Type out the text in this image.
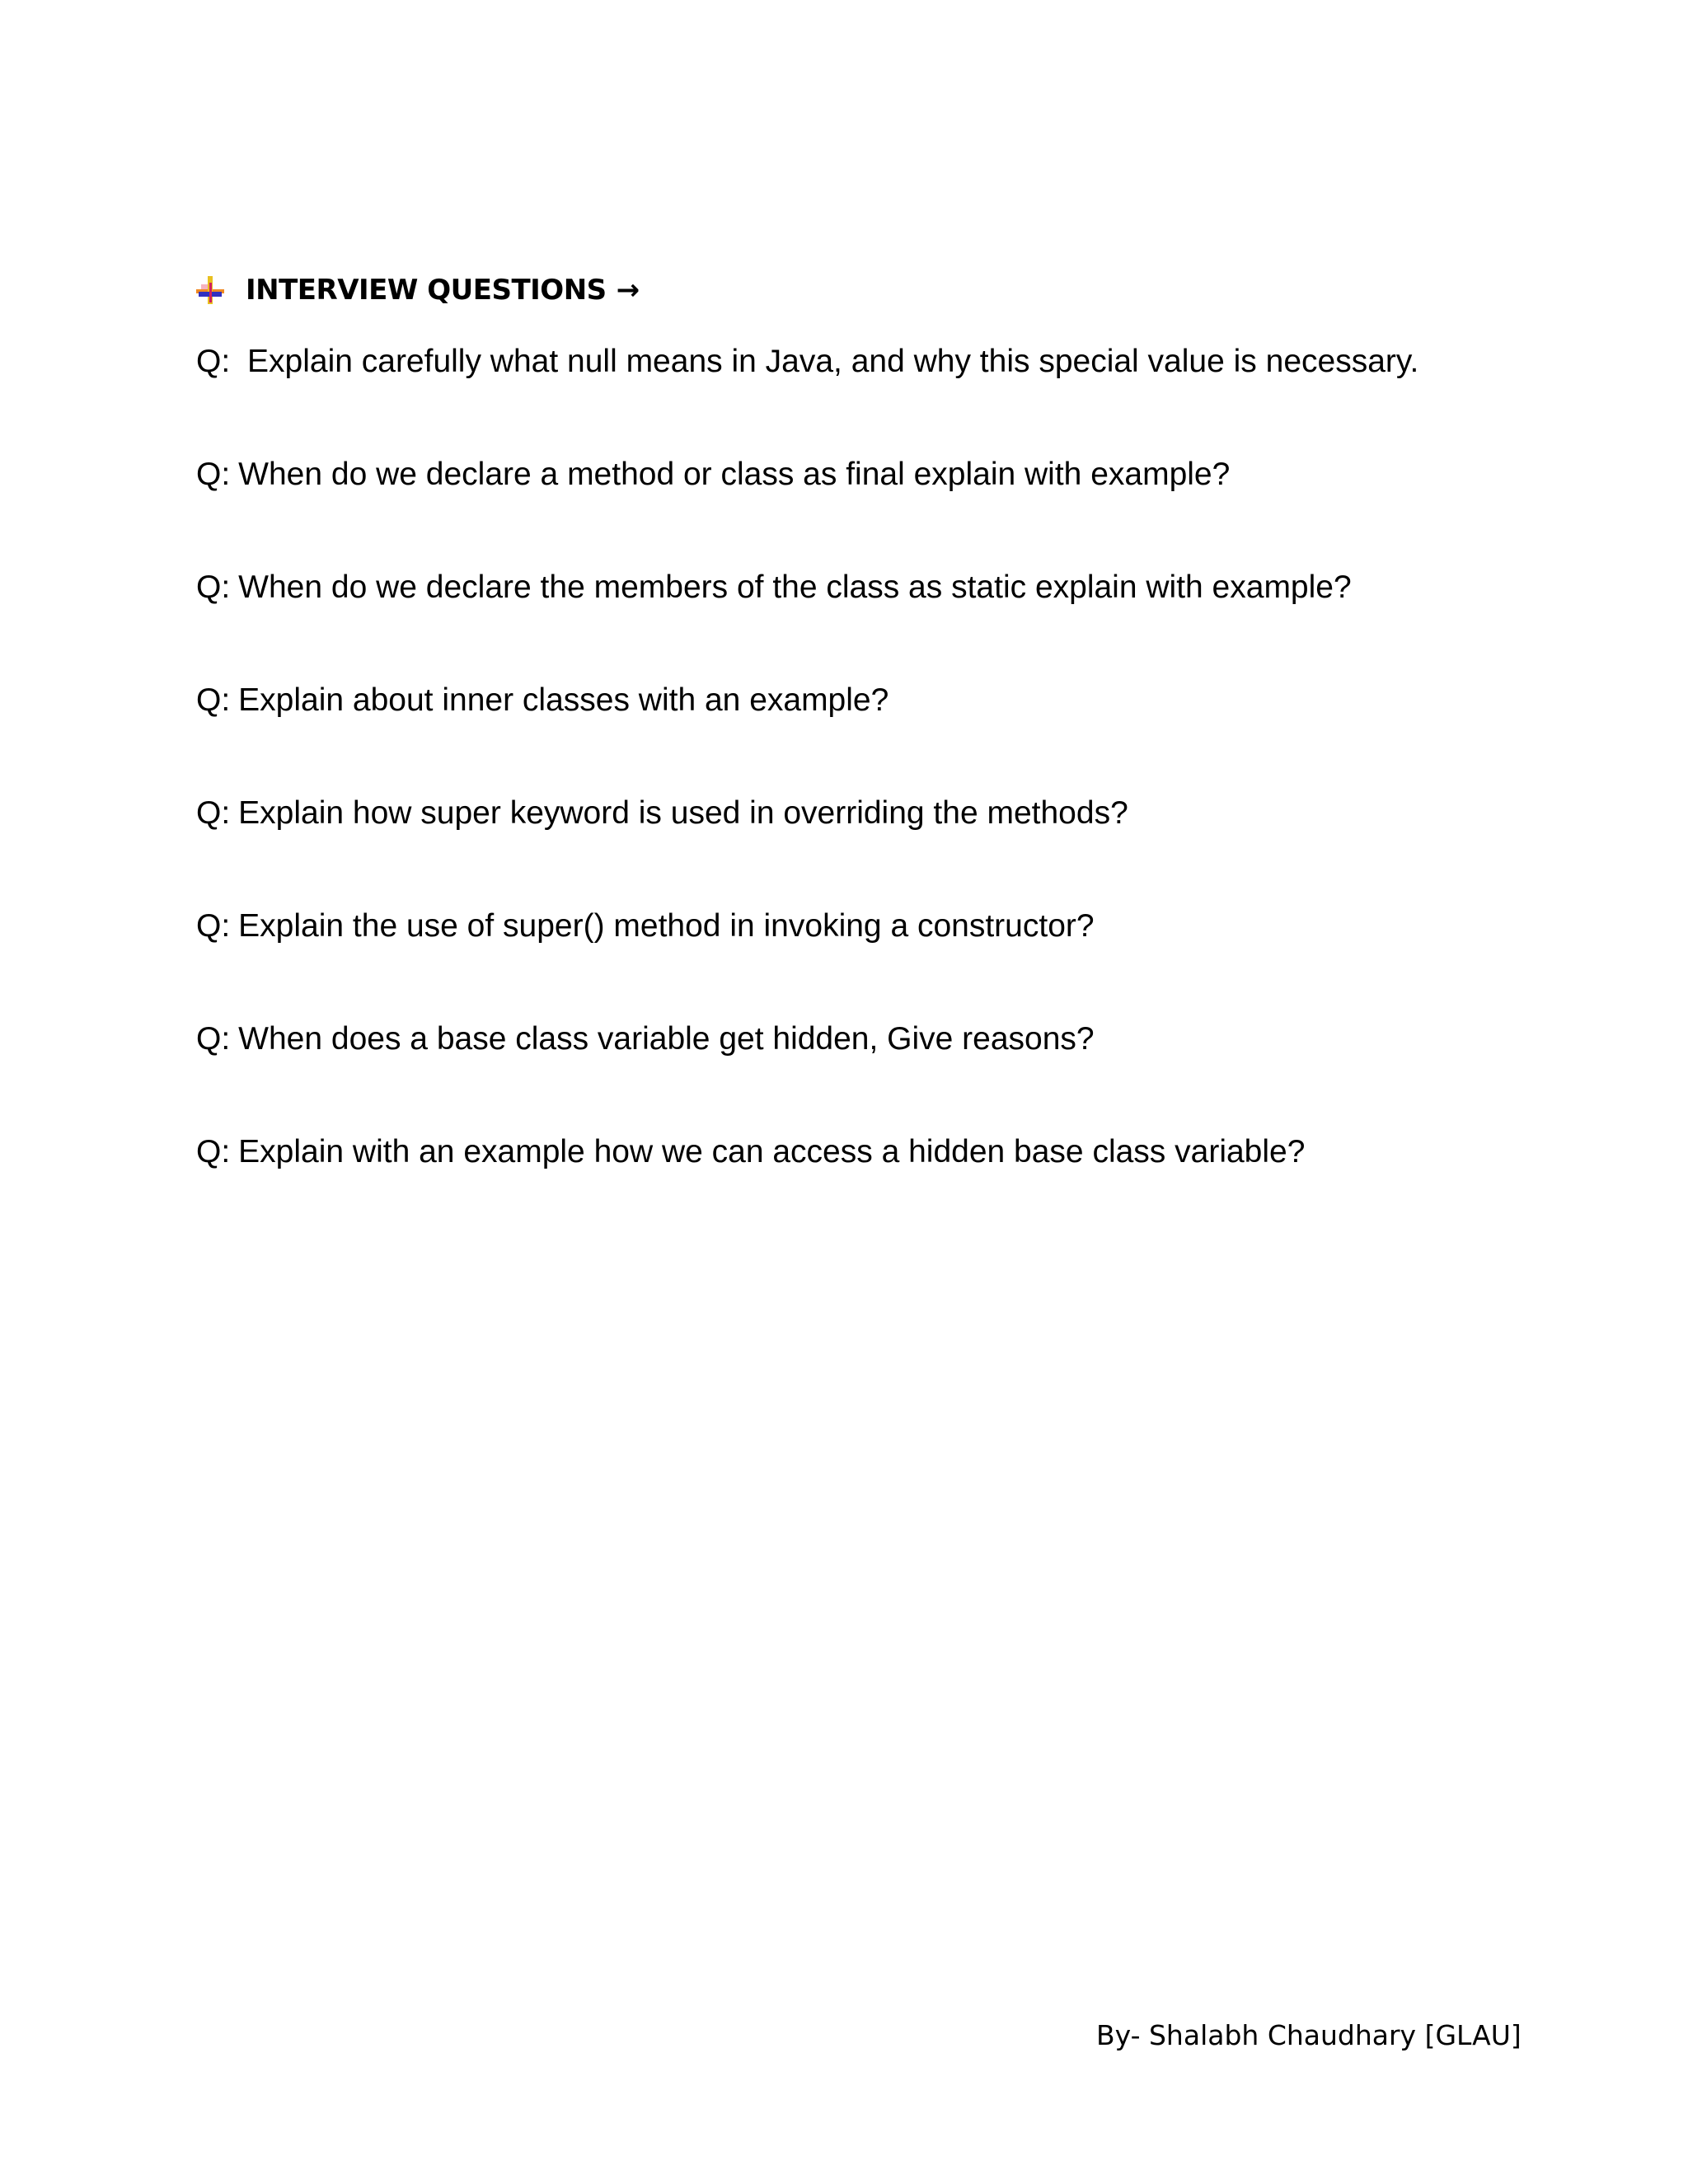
INTERVIEW QUESTIONS →
Q: Explain carefully what null means in Java, and why this special value is necessary.
Q: When do we declare a method or class as final explain with example?
Q: When do we declare the members of the class as static explain with example?
Q: Explain about inner classes with an example?
Q: Explain how super keyword is used in overriding the methods?
Q: Explain the use of super() method in invoking a constructor?
Q: When does a base class variable get hidden, Give reasons?
Q: Explain with an example how we can access a hidden base class variable?
By- Shalabh Chaudhary [GLAU]
